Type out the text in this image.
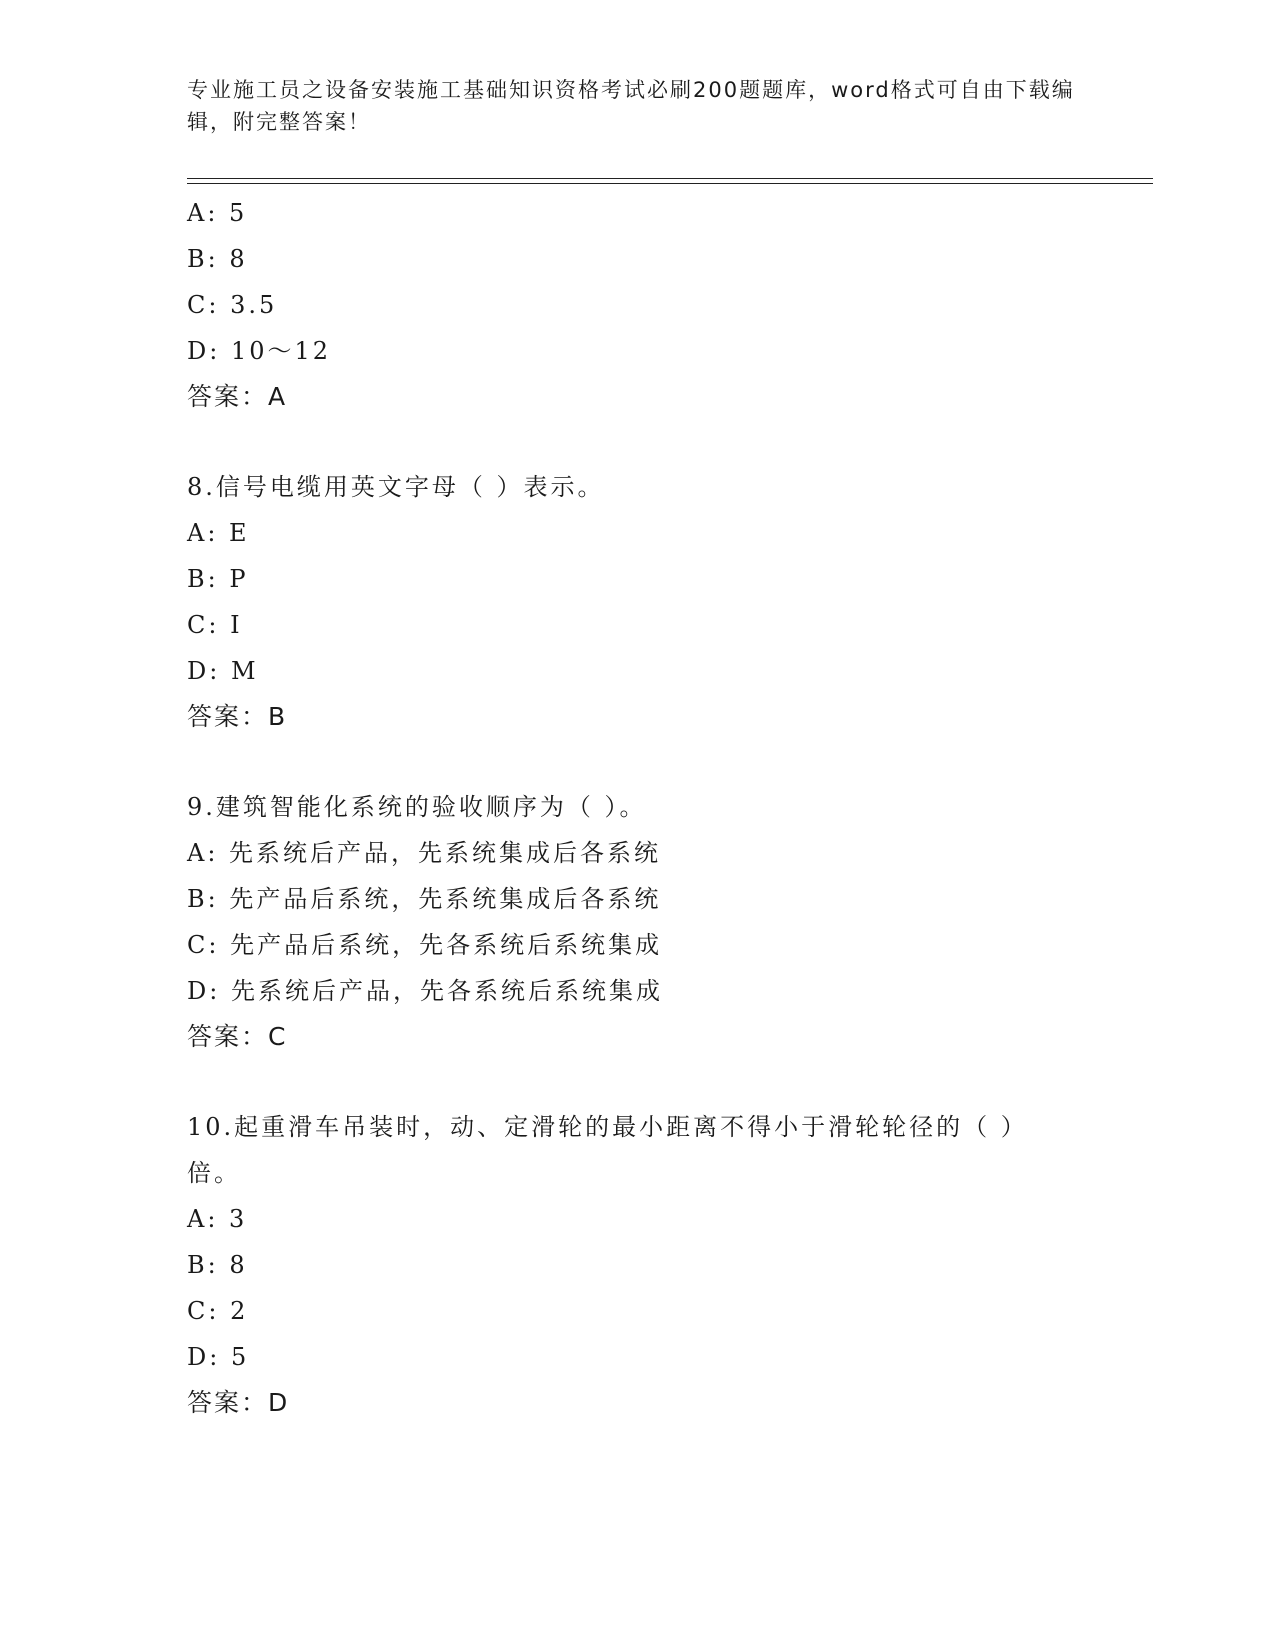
专业施工员之设备安装施工基础知识资格考试必刷200题题库，word格式可自由下载编辑，附完整答案！
A: 5
B: 8
C: 3.5
D: 10～12
答案：A
8.信号电缆用英文字母（ ）表示。
A: E
B: P
C: I
D: M
答案：B
9.建筑智能化系统的验收顺序为（ ）。
A: 先系统后产品，先系统集成后各系统
B: 先产品后系统，先系统集成后各系统
C: 先产品后系统，先各系统后系统集成
D: 先系统后产品，先各系统后系统集成
答案：C
10.起重滑车吊装时，动、定滑轮的最小距离不得小于滑轮轮径的（ ）倍。
A: 3
B: 8
C: 2
D: 5
答案：D
